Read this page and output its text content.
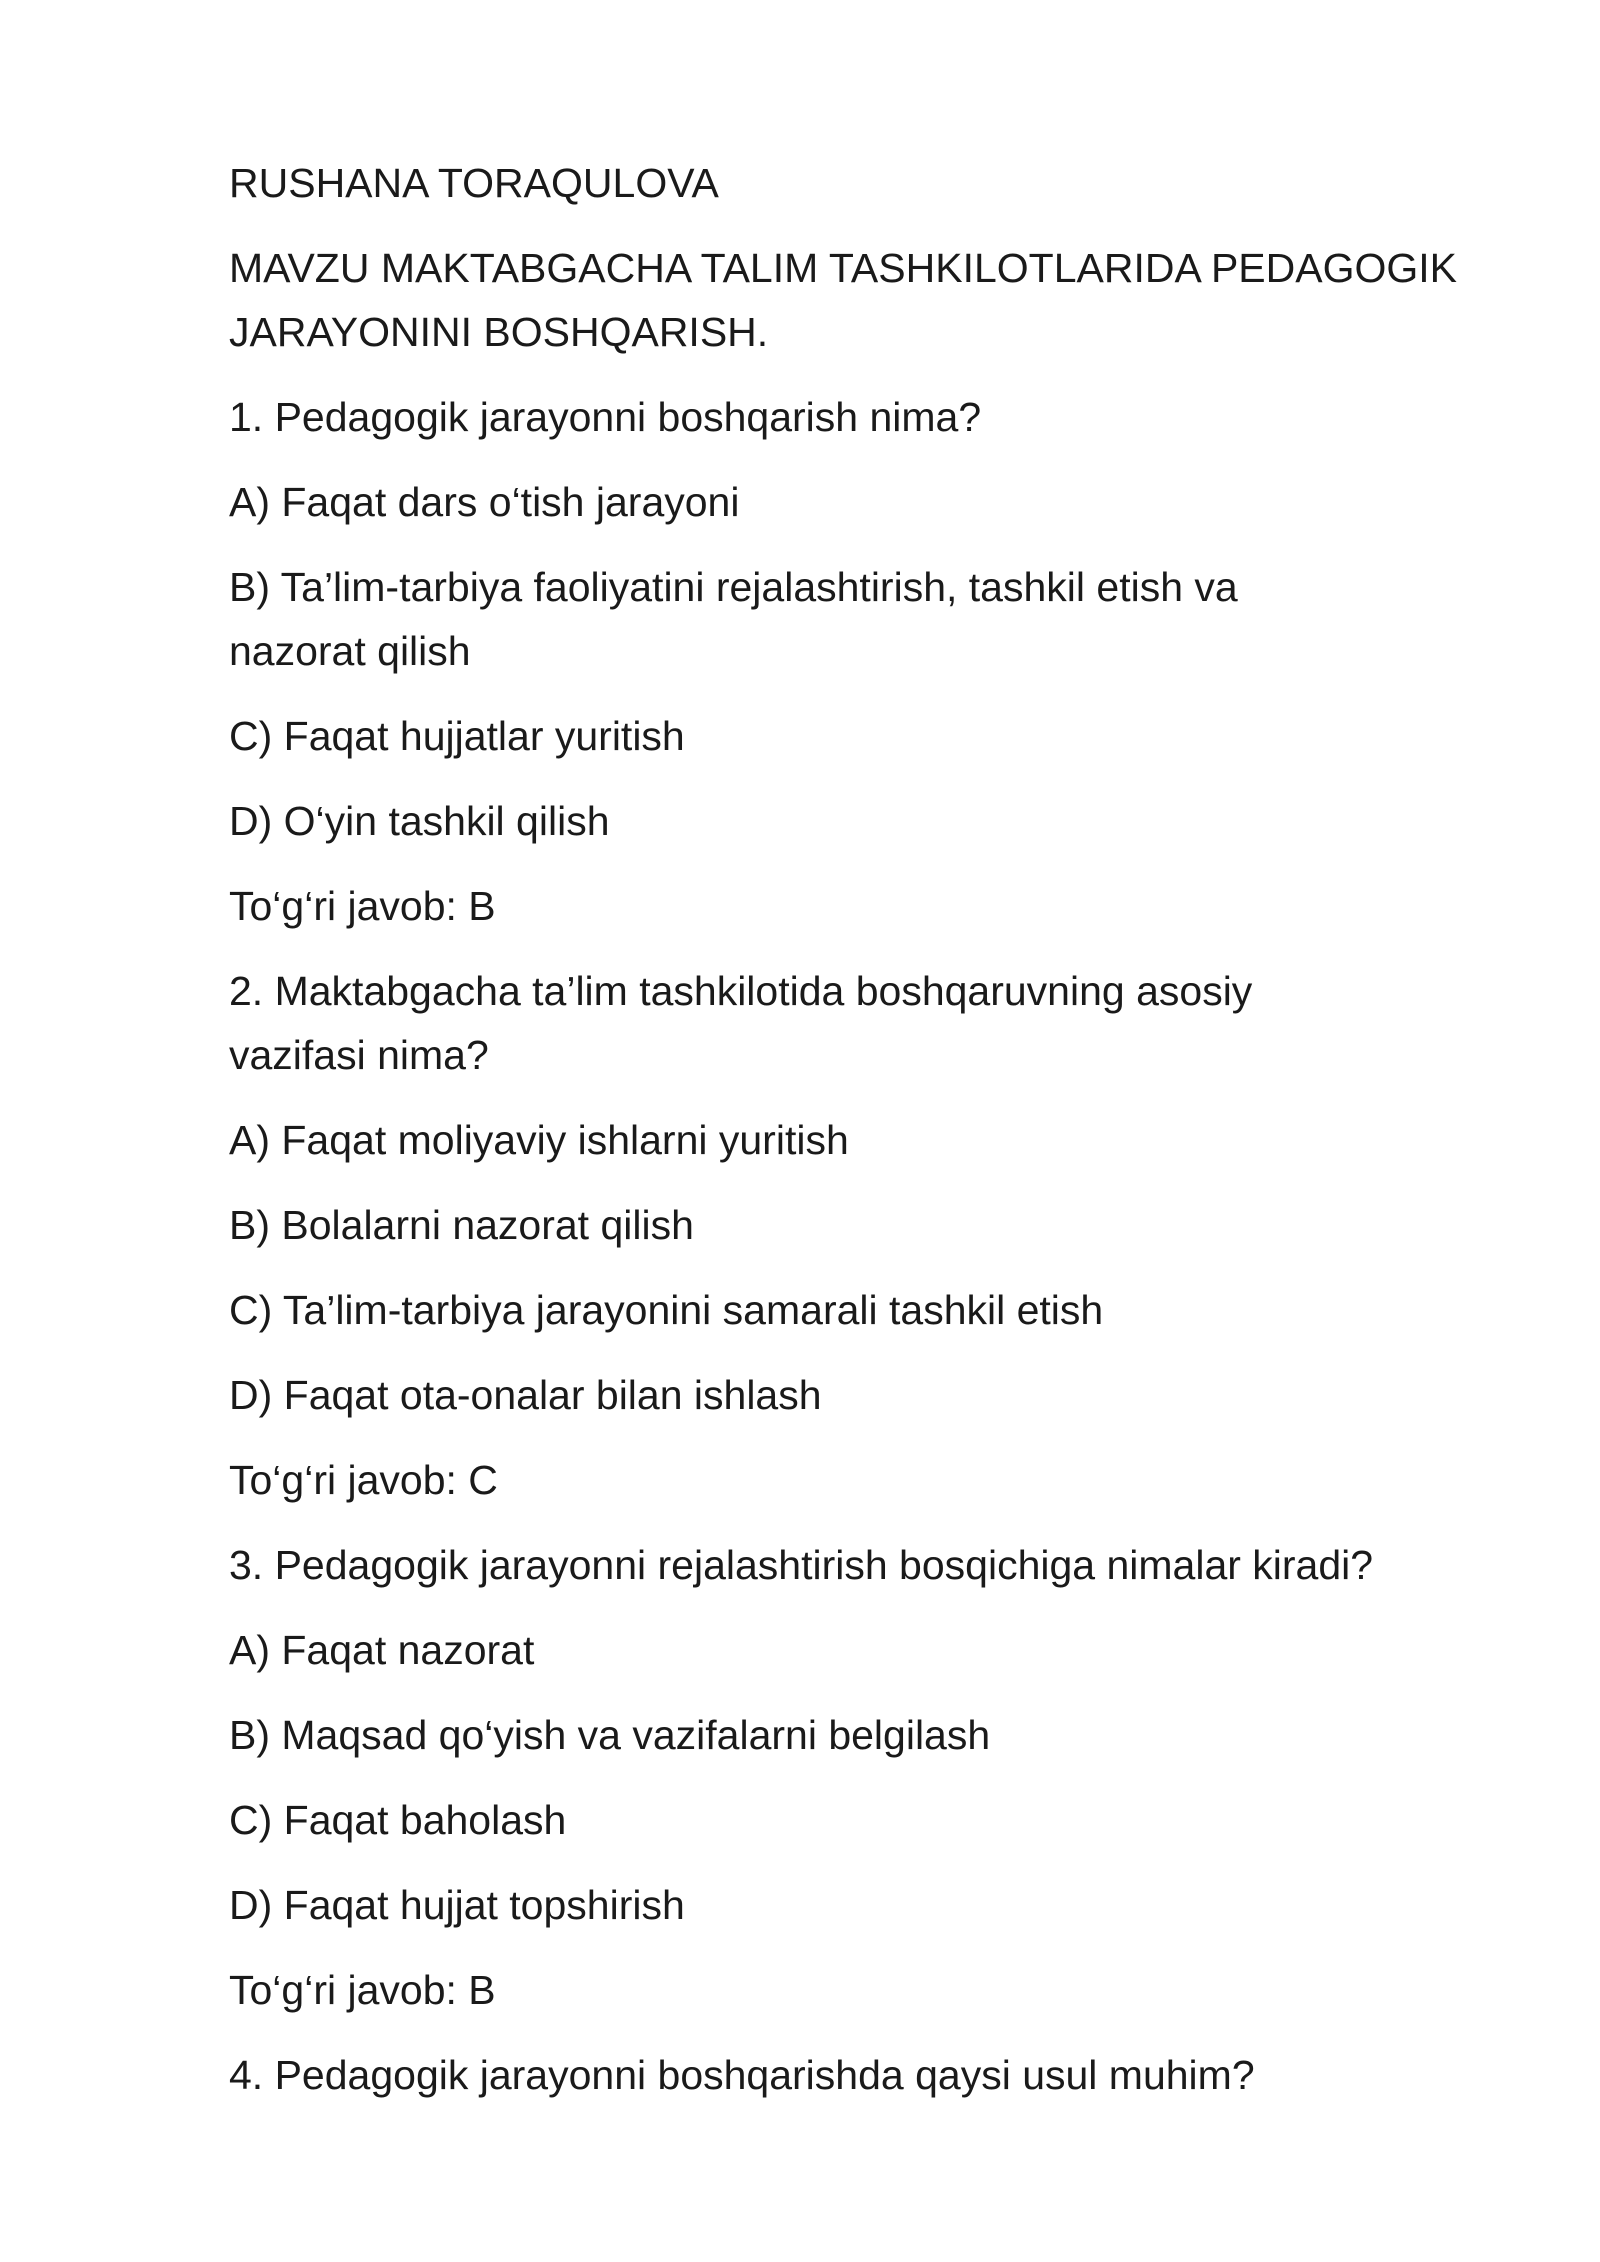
RUSHANA TORAQULOVA

MAVZU MAKTABGACHA TALIM TASHKILOTLARIDA PEDAGOGIK

JARAYONINI BOSHQARISH.

1. Pedagogik jarayonni boshqarish nima?

A) Faqat dars o‘tish jarayoni

B) Ta’lim-tarbiya faoliyatini rejalashtirish, tashkil etish va

nazorat qilish

C) Faqat hujjatlar yuritish

D) O‘yin tashkil qilish

To‘g‘ri javob: B

2. Maktabgacha ta’lim tashkilotida boshqaruvning asosiy

vazifasi nima?

A) Faqat moliyaviy ishlarni yuritish

B) Bolalarni nazorat qilish

C) Ta’lim-tarbiya jarayonini samarali tashkil etish

D) Faqat ota-onalar bilan ishlash

To‘g‘ri javob: C

3. Pedagogik jarayonni rejalashtirish bosqichiga nimalar kiradi?

A) Faqat nazorat

B) Maqsad qo‘yish va vazifalarni belgilash

C) Faqat baholash

D) Faqat hujjat topshirish

To‘g‘ri javob: B

4. Pedagogik jarayonni boshqarishda qaysi usul muhim?
